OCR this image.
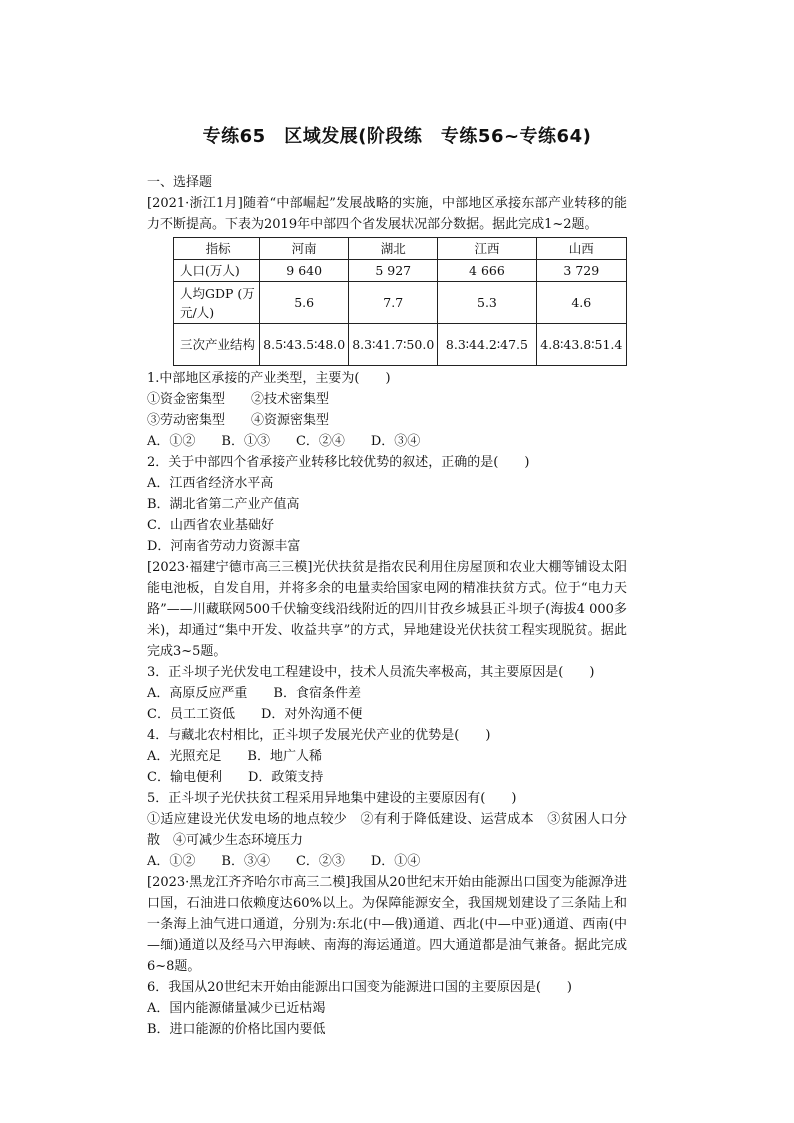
专练65　区域发展(阶段练　专练56~专练64)

一、选择题

[2021·浙江1月]随着“中部崛起”发展战略的实施，中部地区承接东部产业转移的能力不断提高。下表为2019年中部四个省发展状况部分数据。据此完成1~2题。

指标	河南	湖北	江西	山西
人口(万人)	9 640	5 927	4 666	3 729
人均GDP (万元/人)	5.6	7.7	5.3	4.6
三次产业结构	8.5∶43.5∶48.0	8.3∶41.7∶50.0	8.3∶44.2∶47.5	4.8∶43.8∶51.4

1.中部地区承接的产业类型，主要为(　　)

①资金密集型　　②技术密集型

③劳动密集型　　④资源密集型

A．①②　　B．①③　　C．②④　　D．③④

2．关于中部四个省承接产业转移比较优势的叙述，正确的是(　　)

A．江西省经济水平高

B．湖北省第二产业产值高

C．山西省农业基础好

D．河南省劳动力资源丰富

[2023·福建宁德市高三三模]光伏扶贫是指农民利用住房屋顶和农业大棚等铺设太阳能电池板，自发自用，并将多余的电量卖给国家电网的精准扶贫方式。位于“电力天路”——川藏联网500千伏输变线沿线附近的四川甘孜乡城县正斗坝子(海拔4 000多米)，却通过“集中开发、收益共享”的方式，异地建设光伏扶贫工程实现脱贫。据此完成3~5题。

3．正斗坝子光伏发电工程建设中，技术人员流失率极高，其主要原因是(　　)

A．高原反应严重　　B．食宿条件差

C．员工工资低　　D．对外沟通不便

4．与藏北农村相比，正斗坝子发展光伏产业的优势是(　　)

A．光照充足　　B．地广人稀

C．输电便利　　D．政策支持

5．正斗坝子光伏扶贫工程采用异地集中建设的主要原因有(　　)

①适应建设光伏发电场的地点较少　②有利于降低建设、运营成本　③贫困人口分散　④可减少生态环境压力

A．①②　　B．③④　　C．②③　　D．①④

[2023·黑龙江齐齐哈尔市高三二模]我国从20世纪末开始由能源出口国变为能源净进口国，石油进口依赖度达60%以上。为保障能源安全，我国规划建设了三条陆上和一条海上油气进口通道，分别为:东北(中—俄)通道、西北(中—中亚)通道、西南(中—缅)通道以及经马六甲海峡、南海的海运通道。四大通道都是油气兼备。据此完成6~8题。

6．我国从20世纪末开始由能源出口国变为能源进口国的主要原因是(　　)

A．国内能源储量减少已近枯竭

B．进口能源的价格比国内要低
